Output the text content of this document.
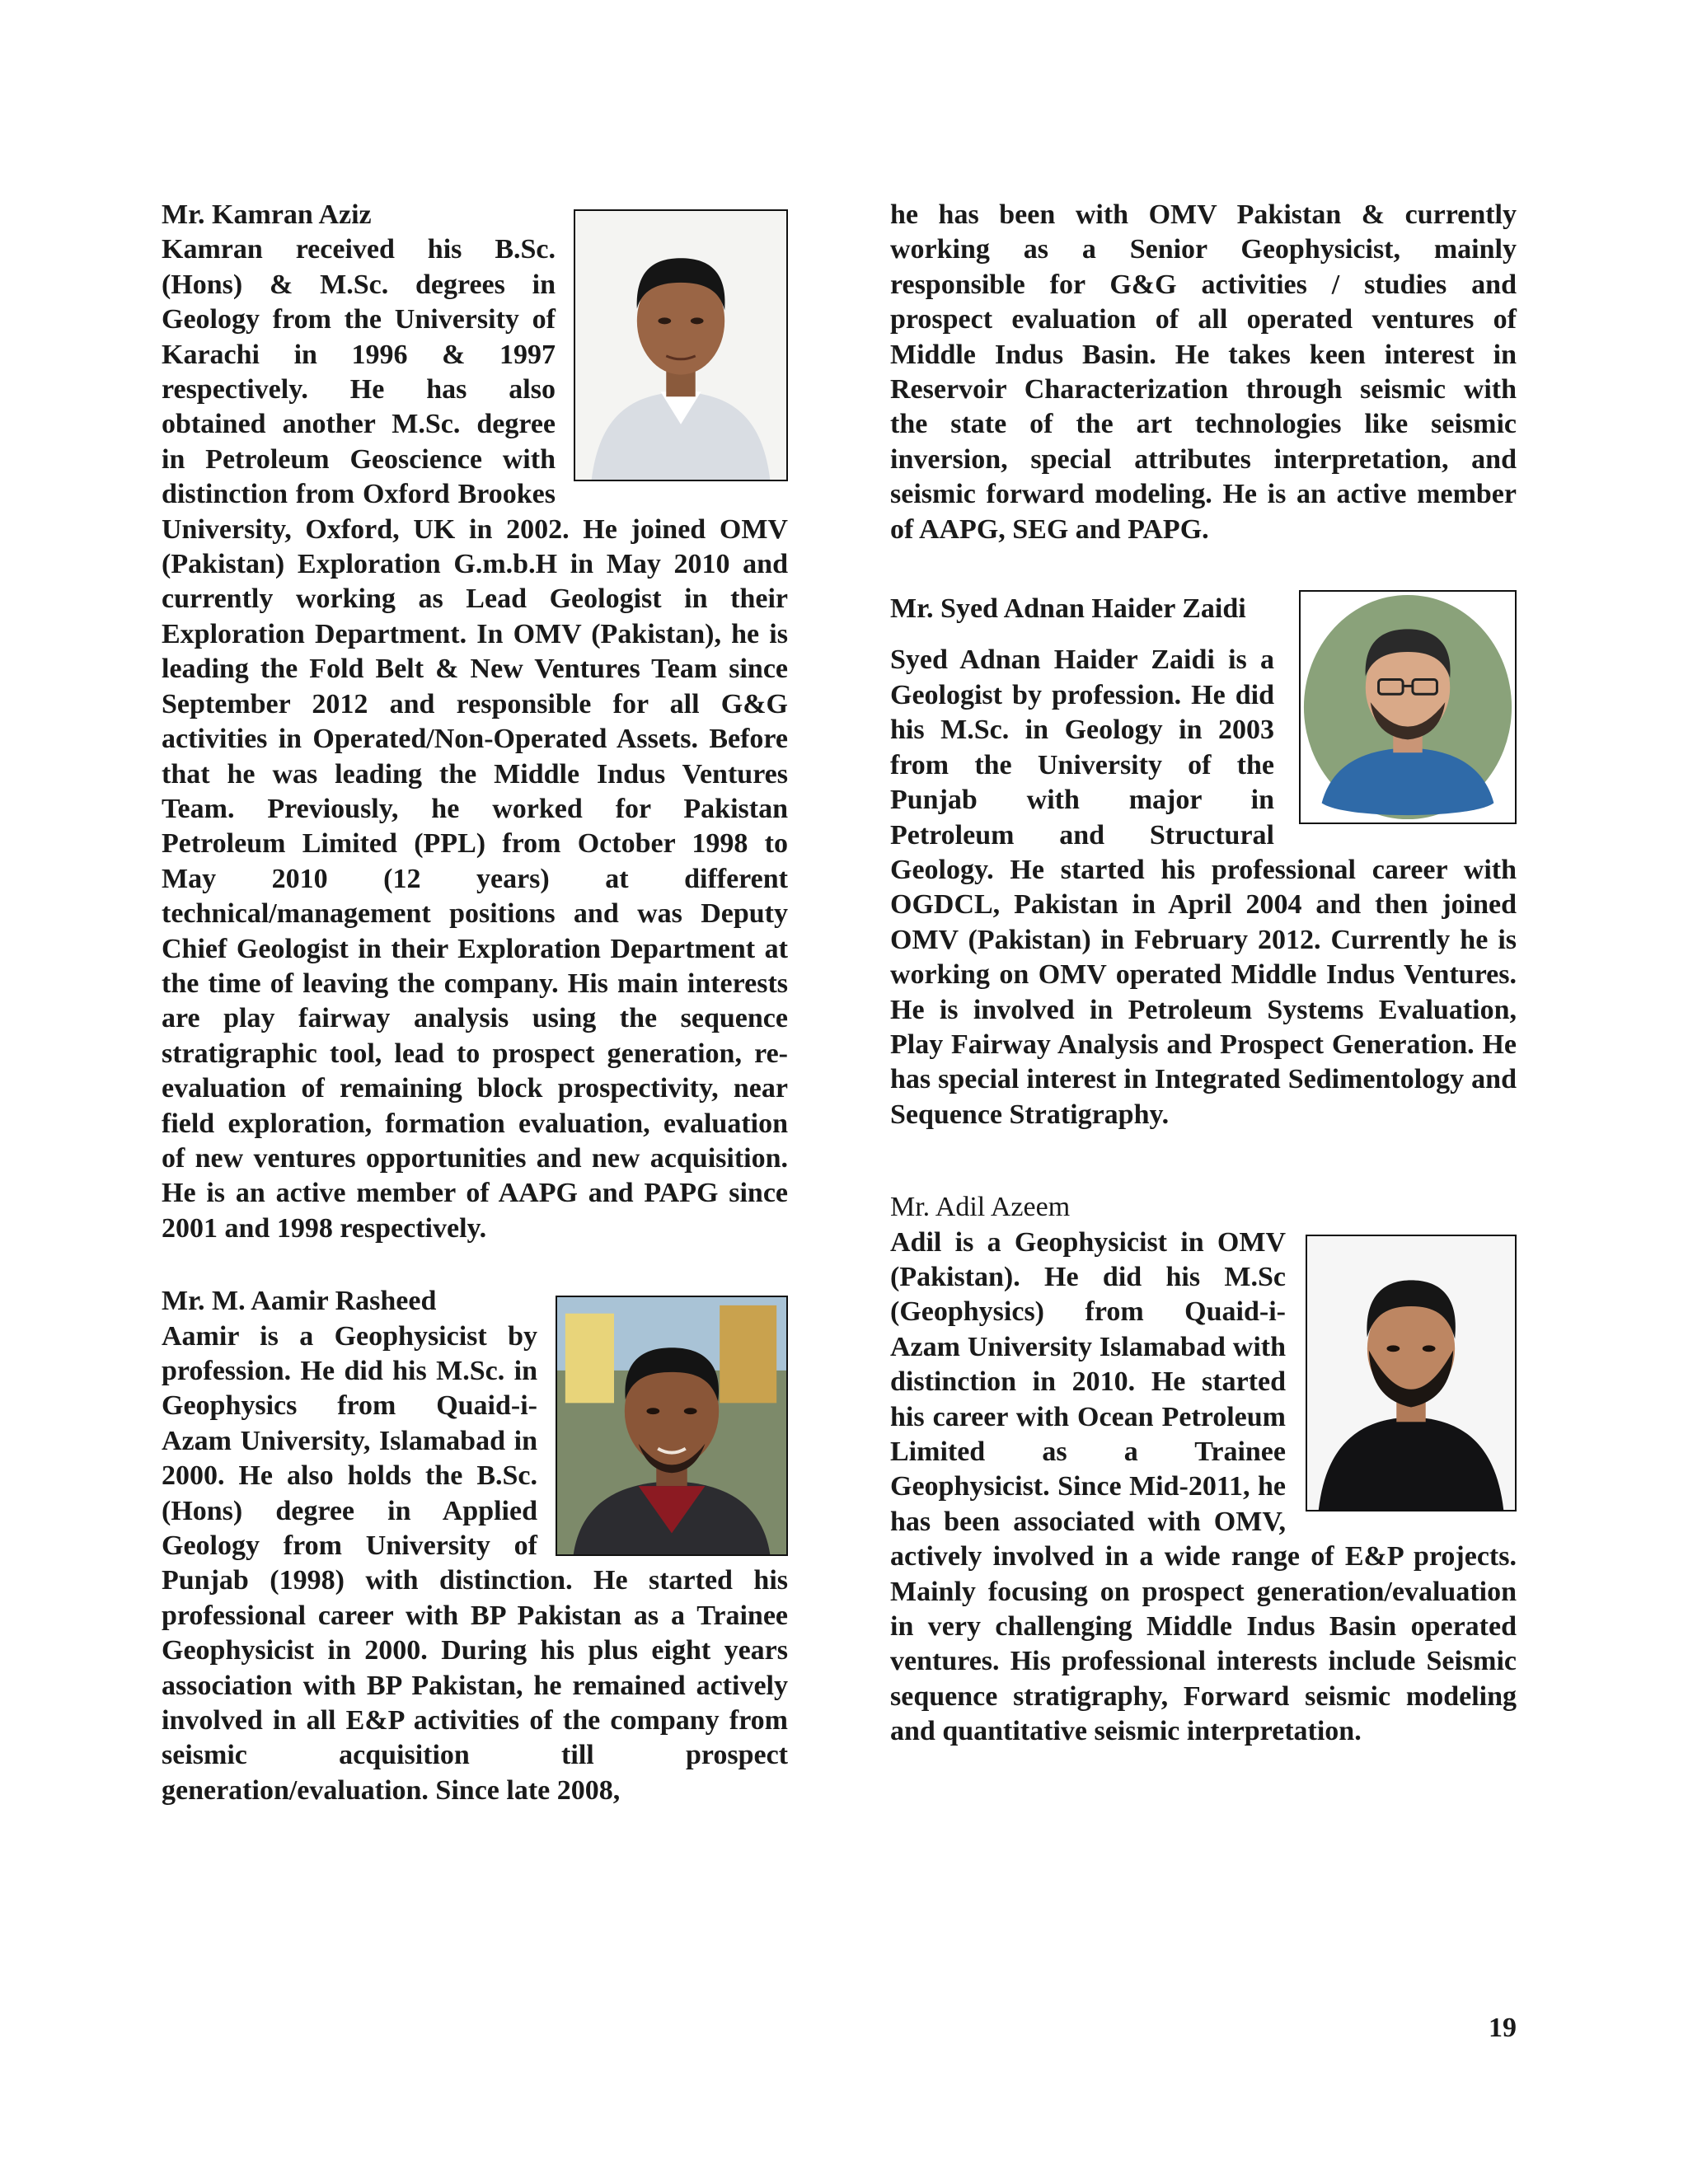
Mr. Kamran Aziz

Kamran received his B.Sc. (Hons) & M.Sc. degrees in Geology from the University of Karachi in 1996 & 1997 respectively. He has also obtained another M.Sc. degree in Petroleum Geoscience with distinction from Oxford Brookes University, Oxford, UK in 2002. He joined OMV (Pakistan) Exploration G.m.b.H in May 2010 and currently working as Lead Geologist in their Exploration Department. In OMV (Pakistan), he is leading the Fold Belt & New Ventures Team since September 2012 and responsible for all G&G activities in Operated/Non-Operated Assets. Before that he was leading the Middle Indus Ventures Team. Previously, he worked for Pakistan Petroleum Limited (PPL) from October 1998 to May 2010 (12 years) at different technical/management positions and was Deputy Chief Geologist in their Exploration Department at the time of leaving the company. His main interests are play fairway analysis using the sequence stratigraphic tool, lead to prospect generation, re-evaluation of remaining block prospectivity, near field exploration, formation evaluation, evaluation of new ventures opportunities and new acquisition. He is an active member of AAPG and PAPG since 2001 and 1998 respectively.

Mr. M. Aamir Rasheed

Aamir is a Geophysicist by profession. He did his M.Sc. in Geophysics from Quaid-i-Azam University, Islamabad in 2000. He also holds the B.Sc. (Hons) degree in Applied Geology from University of Punjab (1998) with distinction. He started his professional career with BP Pakistan as a Trainee Geophysicist in 2000. During his plus eight years association with BP Pakistan, he remained actively involved in all E&P activities of the company from seismic acquisition till prospect generation/evaluation. Since late 2008,

he has been with OMV Pakistan & currently working as a Senior Geophysicist, mainly responsible for G&G activities / studies and prospect evaluation of all operated ventures of Middle Indus Basin. He takes keen interest in Reservoir Characterization through seismic with the state of the art technologies like seismic inversion, special attributes interpretation, and seismic forward modeling. He is an active member of AAPG, SEG and PAPG.

Mr. Syed Adnan Haider Zaidi

Syed Adnan Haider Zaidi is a Geologist by profession. He did his M.Sc. in Geology in 2003 from the University of the Punjab with major in Petroleum and Structural Geology. He started his professional career with OGDCL, Pakistan in April 2004 and then joined OMV (Pakistan) in February 2012. Currently he is working on OMV operated Middle Indus Ventures. He is involved in Petroleum Systems Evaluation, Play Fairway Analysis and Prospect Generation. He has special interest in Integrated Sedimentology and Sequence Stratigraphy.

Mr. Adil Azeem

Adil is a Geophysicist in OMV (Pakistan). He did his M.Sc (Geophysics) from Quaid-i-Azam University Islamabad with distinction in 2010. He started his career with Ocean Petroleum Limited as a Trainee Geophysicist. Since Mid-2011, he has been associated with OMV, actively involved in a wide range of E&P projects. Mainly focusing on prospect generation/evaluation in very challenging Middle Indus Basin operated ventures. His professional interests include Seismic sequence stratigraphy, Forward seismic modeling and quantitative seismic interpretation.

19
